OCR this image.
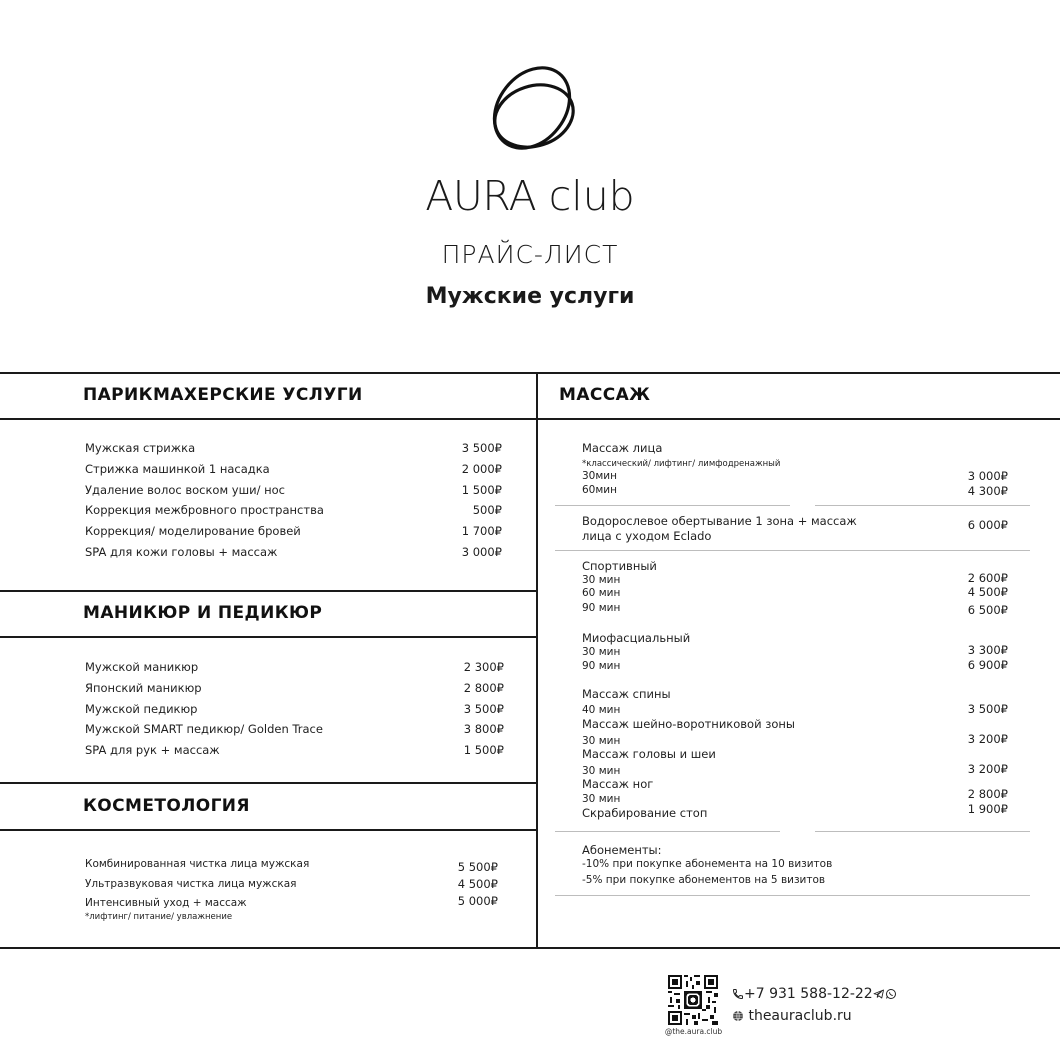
AURA club
ПРАЙС-ЛИСТ
Мужские услуги
ПАРИКМАХЕРСКИЕ УСЛУГИ
Мужская стрижка	3 500₽
Стрижка машинкой 1 насадка	2 000₽
Удаление волос воском уши/ нос	1 500₽
Коррекция межбровного пространства	500₽
Коррекция/ моделирование бровей	1 700₽
SPA для кожи головы + массаж	3 000₽
МАНИКЮР И ПЕДИКЮР
Мужской маникюр	2 300₽
Японский маникюр	2 800₽
Мужской педикюр	3 500₽
Мужской SMART педикюр/ Golden Trace	3 800₽
SPA для рук + массаж	1 500₽
КОСМЕТОЛОГИЯ
Комбинированная чистка лица мужская	5 500₽
Ультразвуковая чистка лица мужская	4 500₽
Интенсивный уход + массаж	5 000₽
*лифтинг/ питание/ увлажнение
МАССАЖ
Массаж лица
*классический/ лифтинг/ лимфодренажный
30мин	3 000₽
60мин	4 300₽
Водорослевое обертывание 1 зона + массаж
лица с уходом Eclado
6 000₽
Спортивный
30 мин	2 600₽
60 мин	4 500₽
90 мин	6 500₽
Миофасциальный
30 мин	3 300₽
90 мин	6 900₽
Массаж спины
40 мин	3 500₽
Массаж шейно-воротниковой зоны
30 мин	3 200₽
Массаж головы и шеи
30 мин	3 200₽
Массаж ног
30 мин	2 800₽
Скрабирование стоп	1 900₽
Абонементы:
-10% при покупке абонемента на 10 визитов
-5% при покупке абонементов на 5 визитов
@the.aura.club
+7 931 588-12-22
theauraclub.ru
